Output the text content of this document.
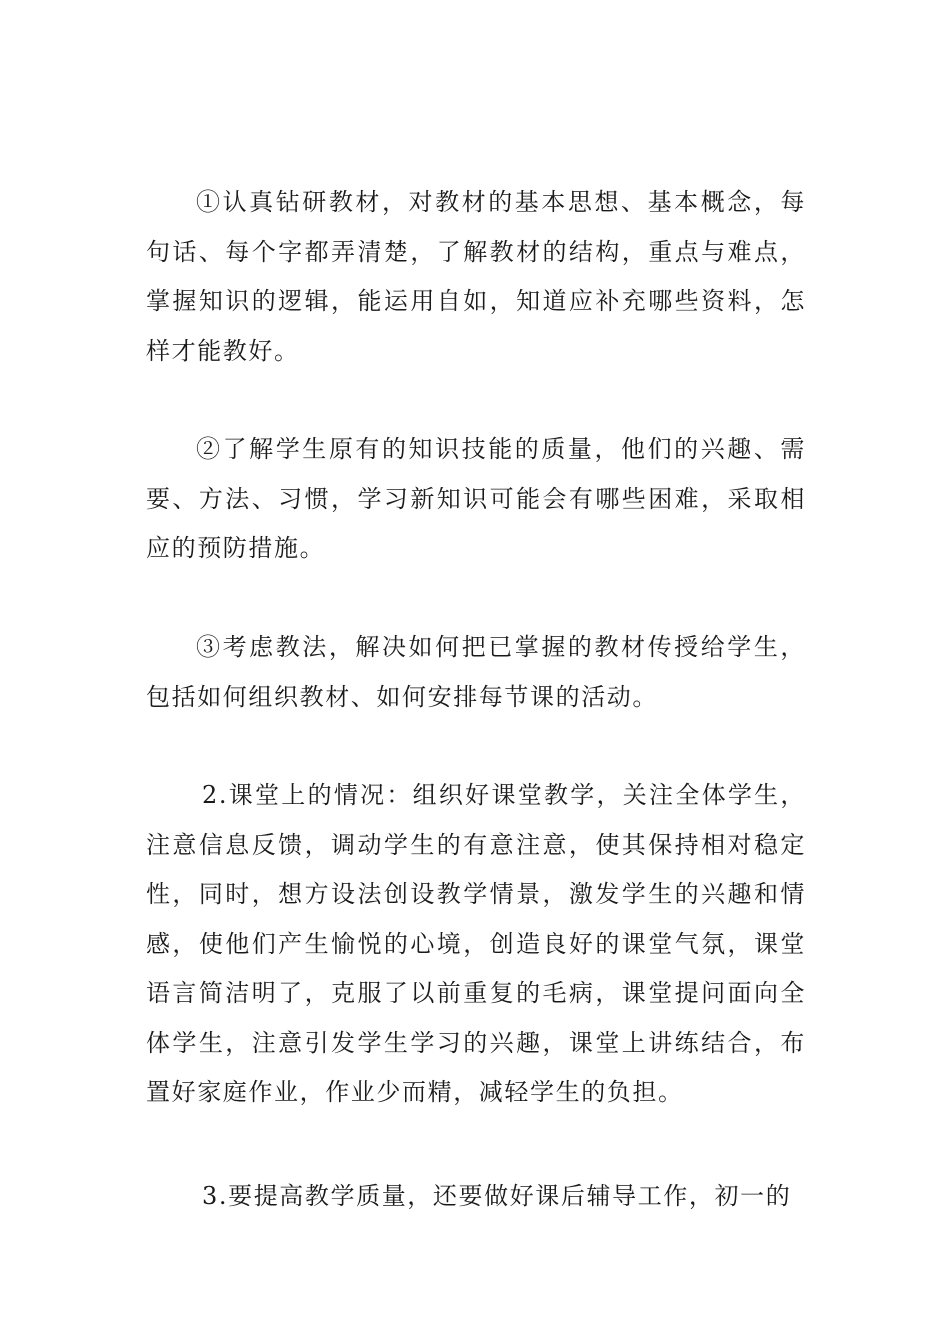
①认真钻研教材，对教材的基本思想、基本概念，每句话、每个字都弄清楚，了解教材的结构，重点与难点，掌握知识的逻辑，能运用自如，知道应补充哪些资料，怎样才能教好。

②了解学生原有的知识技能的质量，他们的兴趣、需要、方法、习惯，学习新知识可能会有哪些困难，采取相应的预防措施。

③考虑教法，解决如何把已掌握的教材传授给学生，包括如何组织教材、如何安排每节课的活动。

2.课堂上的情况：组织好课堂教学，关注全体学生，注意信息反馈，调动学生的有意注意，使其保持相对稳定性，同时，想方设法创设教学情景，激发学生的兴趣和情感，使他们产生愉悦的心境，创造良好的课堂气氛，课堂语言简洁明了，克服了以前重复的毛病，课堂提问面向全体学生，注意引发学生学习的兴趣，课堂上讲练结合，布置好家庭作业，作业少而精，减轻学生的负担。

3.要提高教学质量，还要做好课后辅导工作，初一的
